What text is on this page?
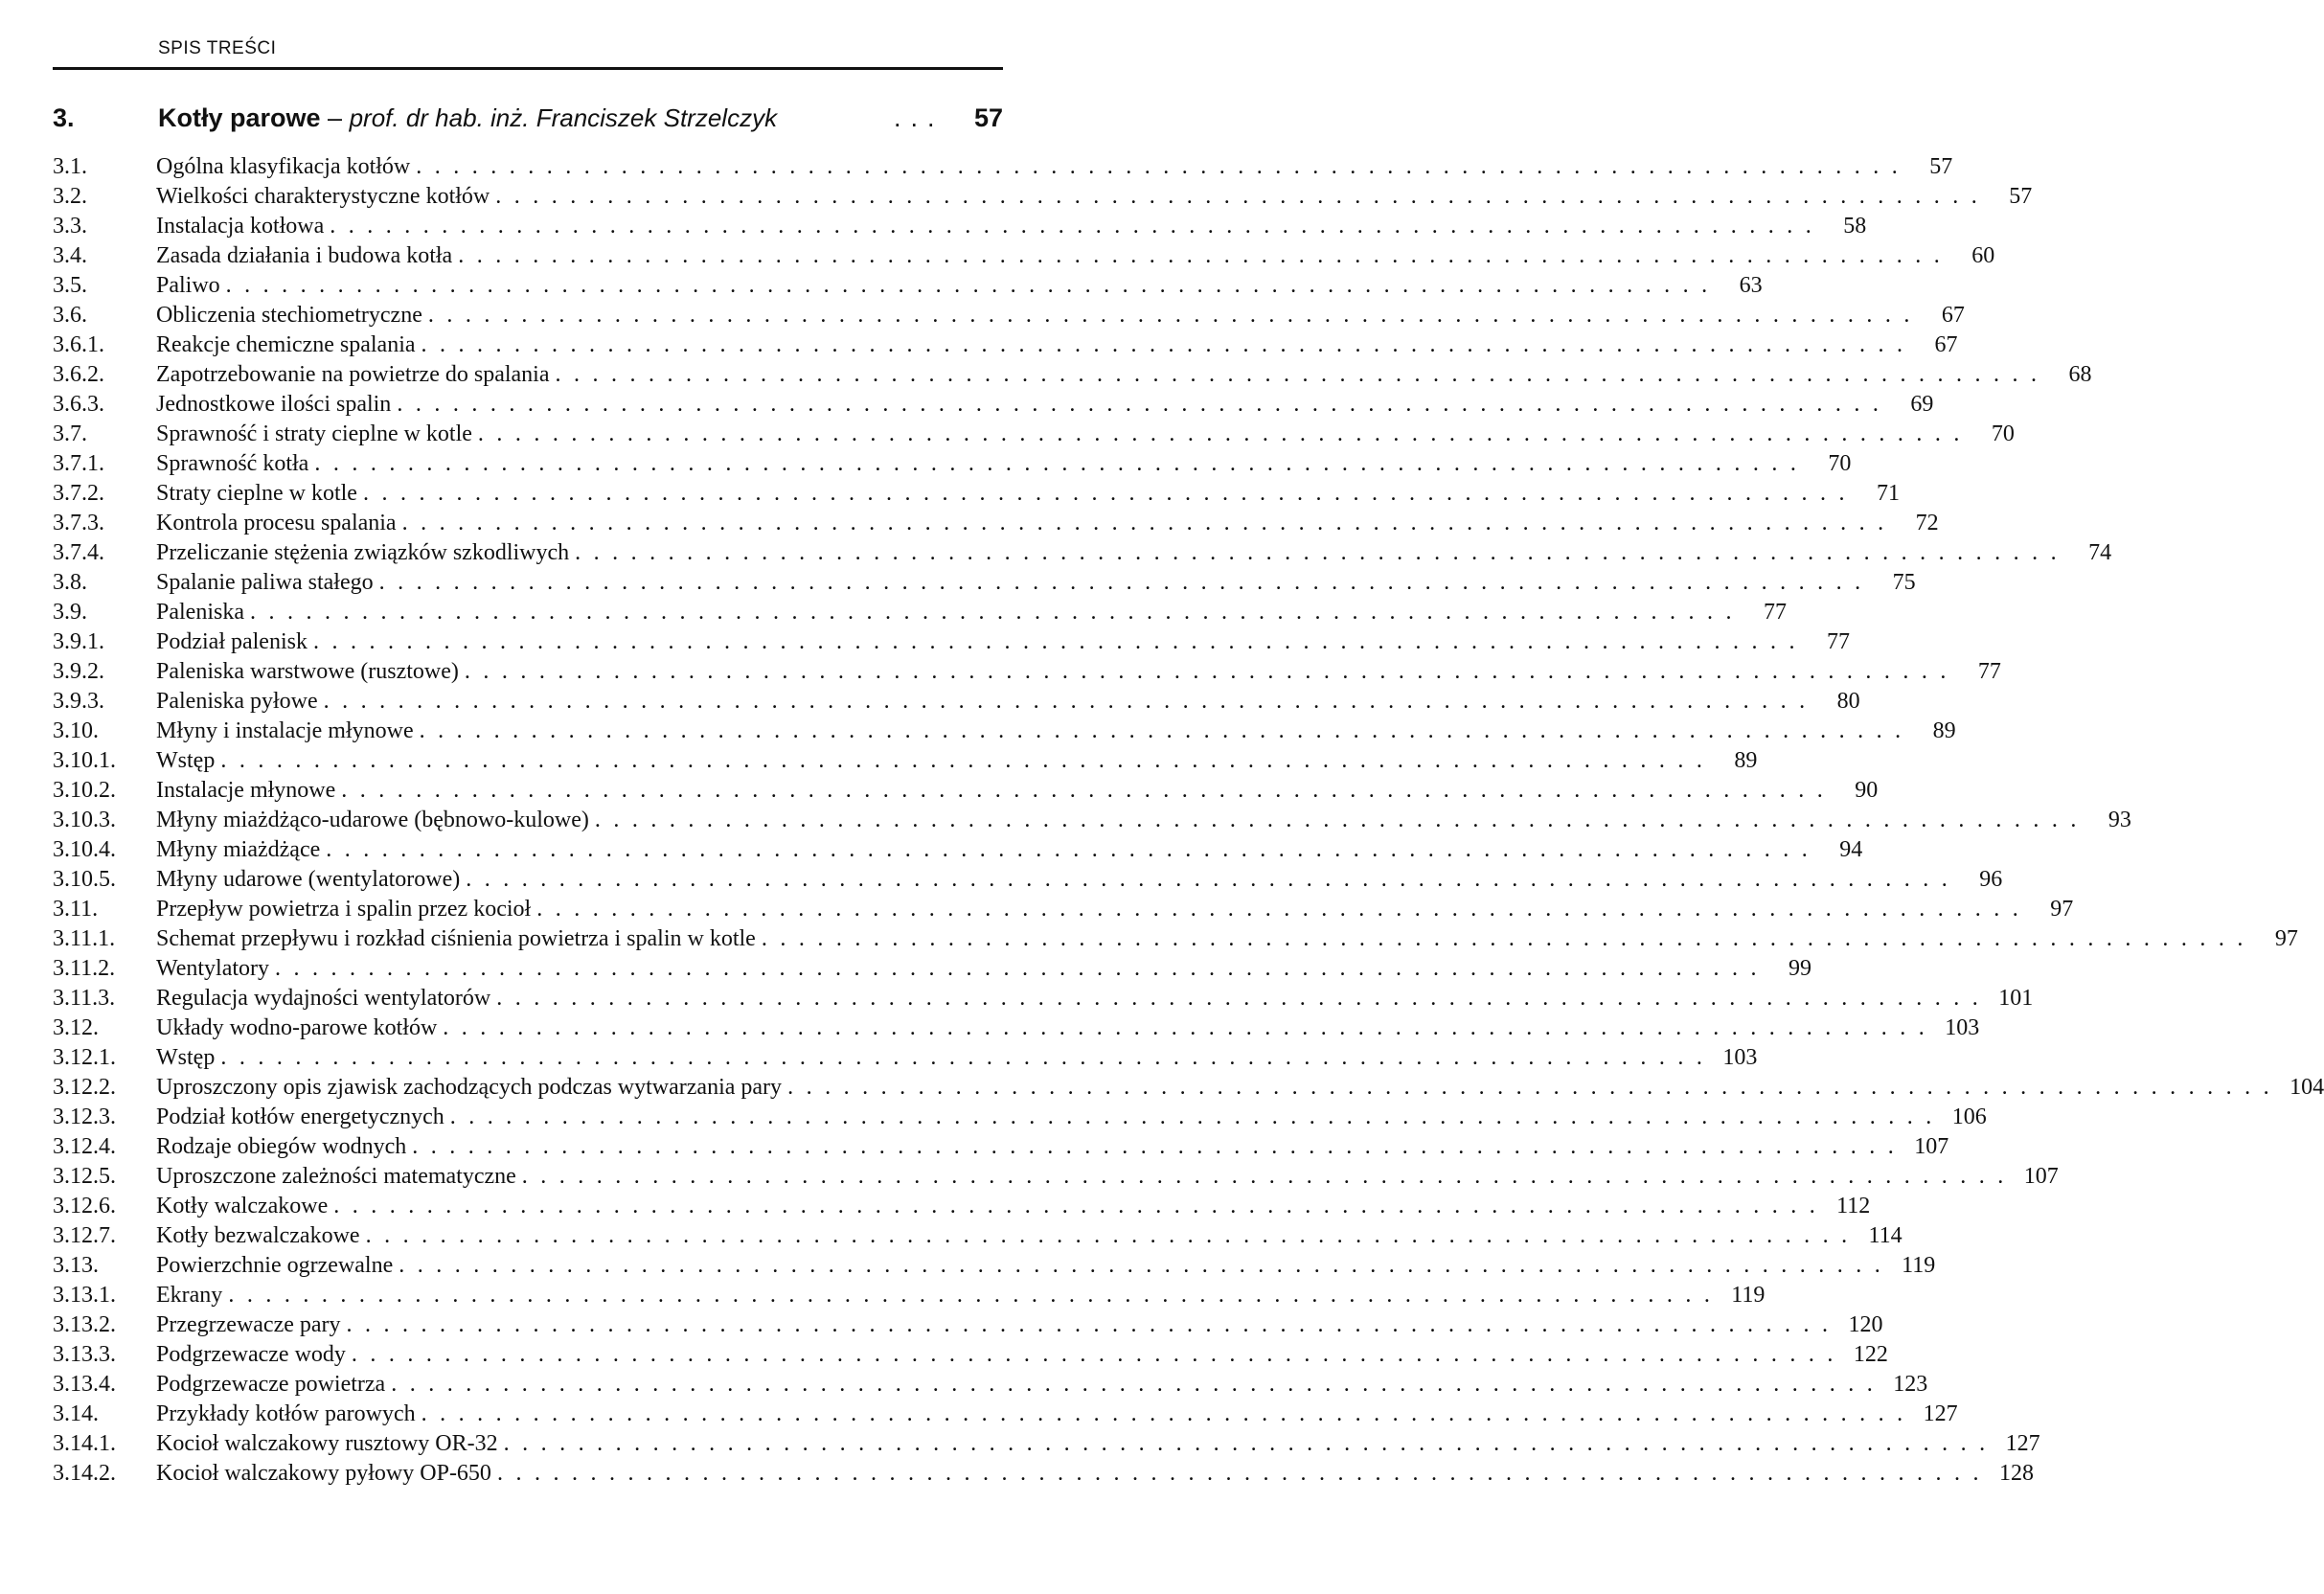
SPIS TREŚCI
3.	Kotły parowe – prof. dr hab. inż. Franciszek Strzelczyk	... 57
3.1.	Ogólna klasyfikacja kotłów ................................................................................ 57
3.2.	Wielkości charakterystyczne kotłów ................................................................................ 57
3.3.	Instalacja kotłowa ................................................................................ 58
3.4.	Zasada działania i budowa kotła ................................................................................ 60
3.5.	Paliwo ................................................................................ 63
3.6.	Obliczenia stechiometryczne ................................................................................ 67
3.6.1.	Reakcje chemiczne spalania ................................................................................ 67
3.6.2.	Zapotrzebowanie na powietrze do spalania ................................................................................ 68
3.6.3.	Jednostkowe ilości spalin ................................................................................ 69
3.7.	Sprawność i straty cieplne w kotle ................................................................................ 70
3.7.1.	Sprawność kotła ................................................................................ 70
3.7.2.	Straty cieplne w kotle ................................................................................ 71
3.7.3.	Kontrola procesu spalania ................................................................................ 72
3.7.4.	Przeliczanie stężenia związków szkodliwych ................................................................................ 74
3.8.	Spalanie paliwa stałego ................................................................................ 75
3.9.	Paleniska ................................................................................ 77
3.9.1.	Podział palenisk ................................................................................ 77
3.9.2.	Paleniska warstwowe (rusztowe) ................................................................................ 77
3.9.3.	Paleniska pyłowe ................................................................................ 80
3.10.	Młyny i instalacje młynowe ................................................................................ 89
3.10.1.	Wstęp ................................................................................ 89
3.10.2.	Instalacje młynowe ................................................................................ 90
3.10.3.	Młyny miażdżąco-udarowe (bębnowo-kulowe) ................................................................................ 93
3.10.4.	Młyny miażdżące ................................................................................ 94
3.10.5.	Młyny udarowe (wentylatorowe) ................................................................................ 96
3.11.	Przepływ powietrza i spalin przez kocioł ................................................................................ 97
3.11.1.	Schemat przepływu i rozkład ciśnienia powietrza i spalin w kotle ................................................................................ 97
3.11.2.	Wentylatory ................................................................................ 99
3.11.3.	Regulacja wydajności wentylatorów ................................................................................ 101
3.12.	Układy wodno-parowe kotłów ................................................................................ 103
3.12.1.	Wstęp ................................................................................ 103
3.12.2.	Uproszczony opis zjawisk zachodzących podczas wytwarzania pary ................................................................................ 104
3.12.3.	Podział kotłów energetycznych ................................................................................ 106
3.12.4.	Rodzaje obiegów wodnych ................................................................................ 107
3.12.5.	Uproszczone zależności matematyczne ................................................................................ 107
3.12.6.	Kotły walczakowe ................................................................................ 112
3.12.7.	Kotły bezwalczakowe ................................................................................ 114
3.13.	Powierzchnie ogrzewalne ................................................................................ 119
3.13.1.	Ekrany ................................................................................ 119
3.13.2.	Przegrzewacze pary ................................................................................ 120
3.13.3.	Podgrzewacze wody ................................................................................ 122
3.13.4.	Podgrzewacze powietrza ................................................................................ 123
3.14.	Przykłady kotłów parowych ................................................................................ 127
3.14.1.	Kocioł walczakowy rusztowy OR-32 ................................................................................ 127
3.14.2.	Kocioł walczakowy pyłowy OP-650 ................................................................................ 128
